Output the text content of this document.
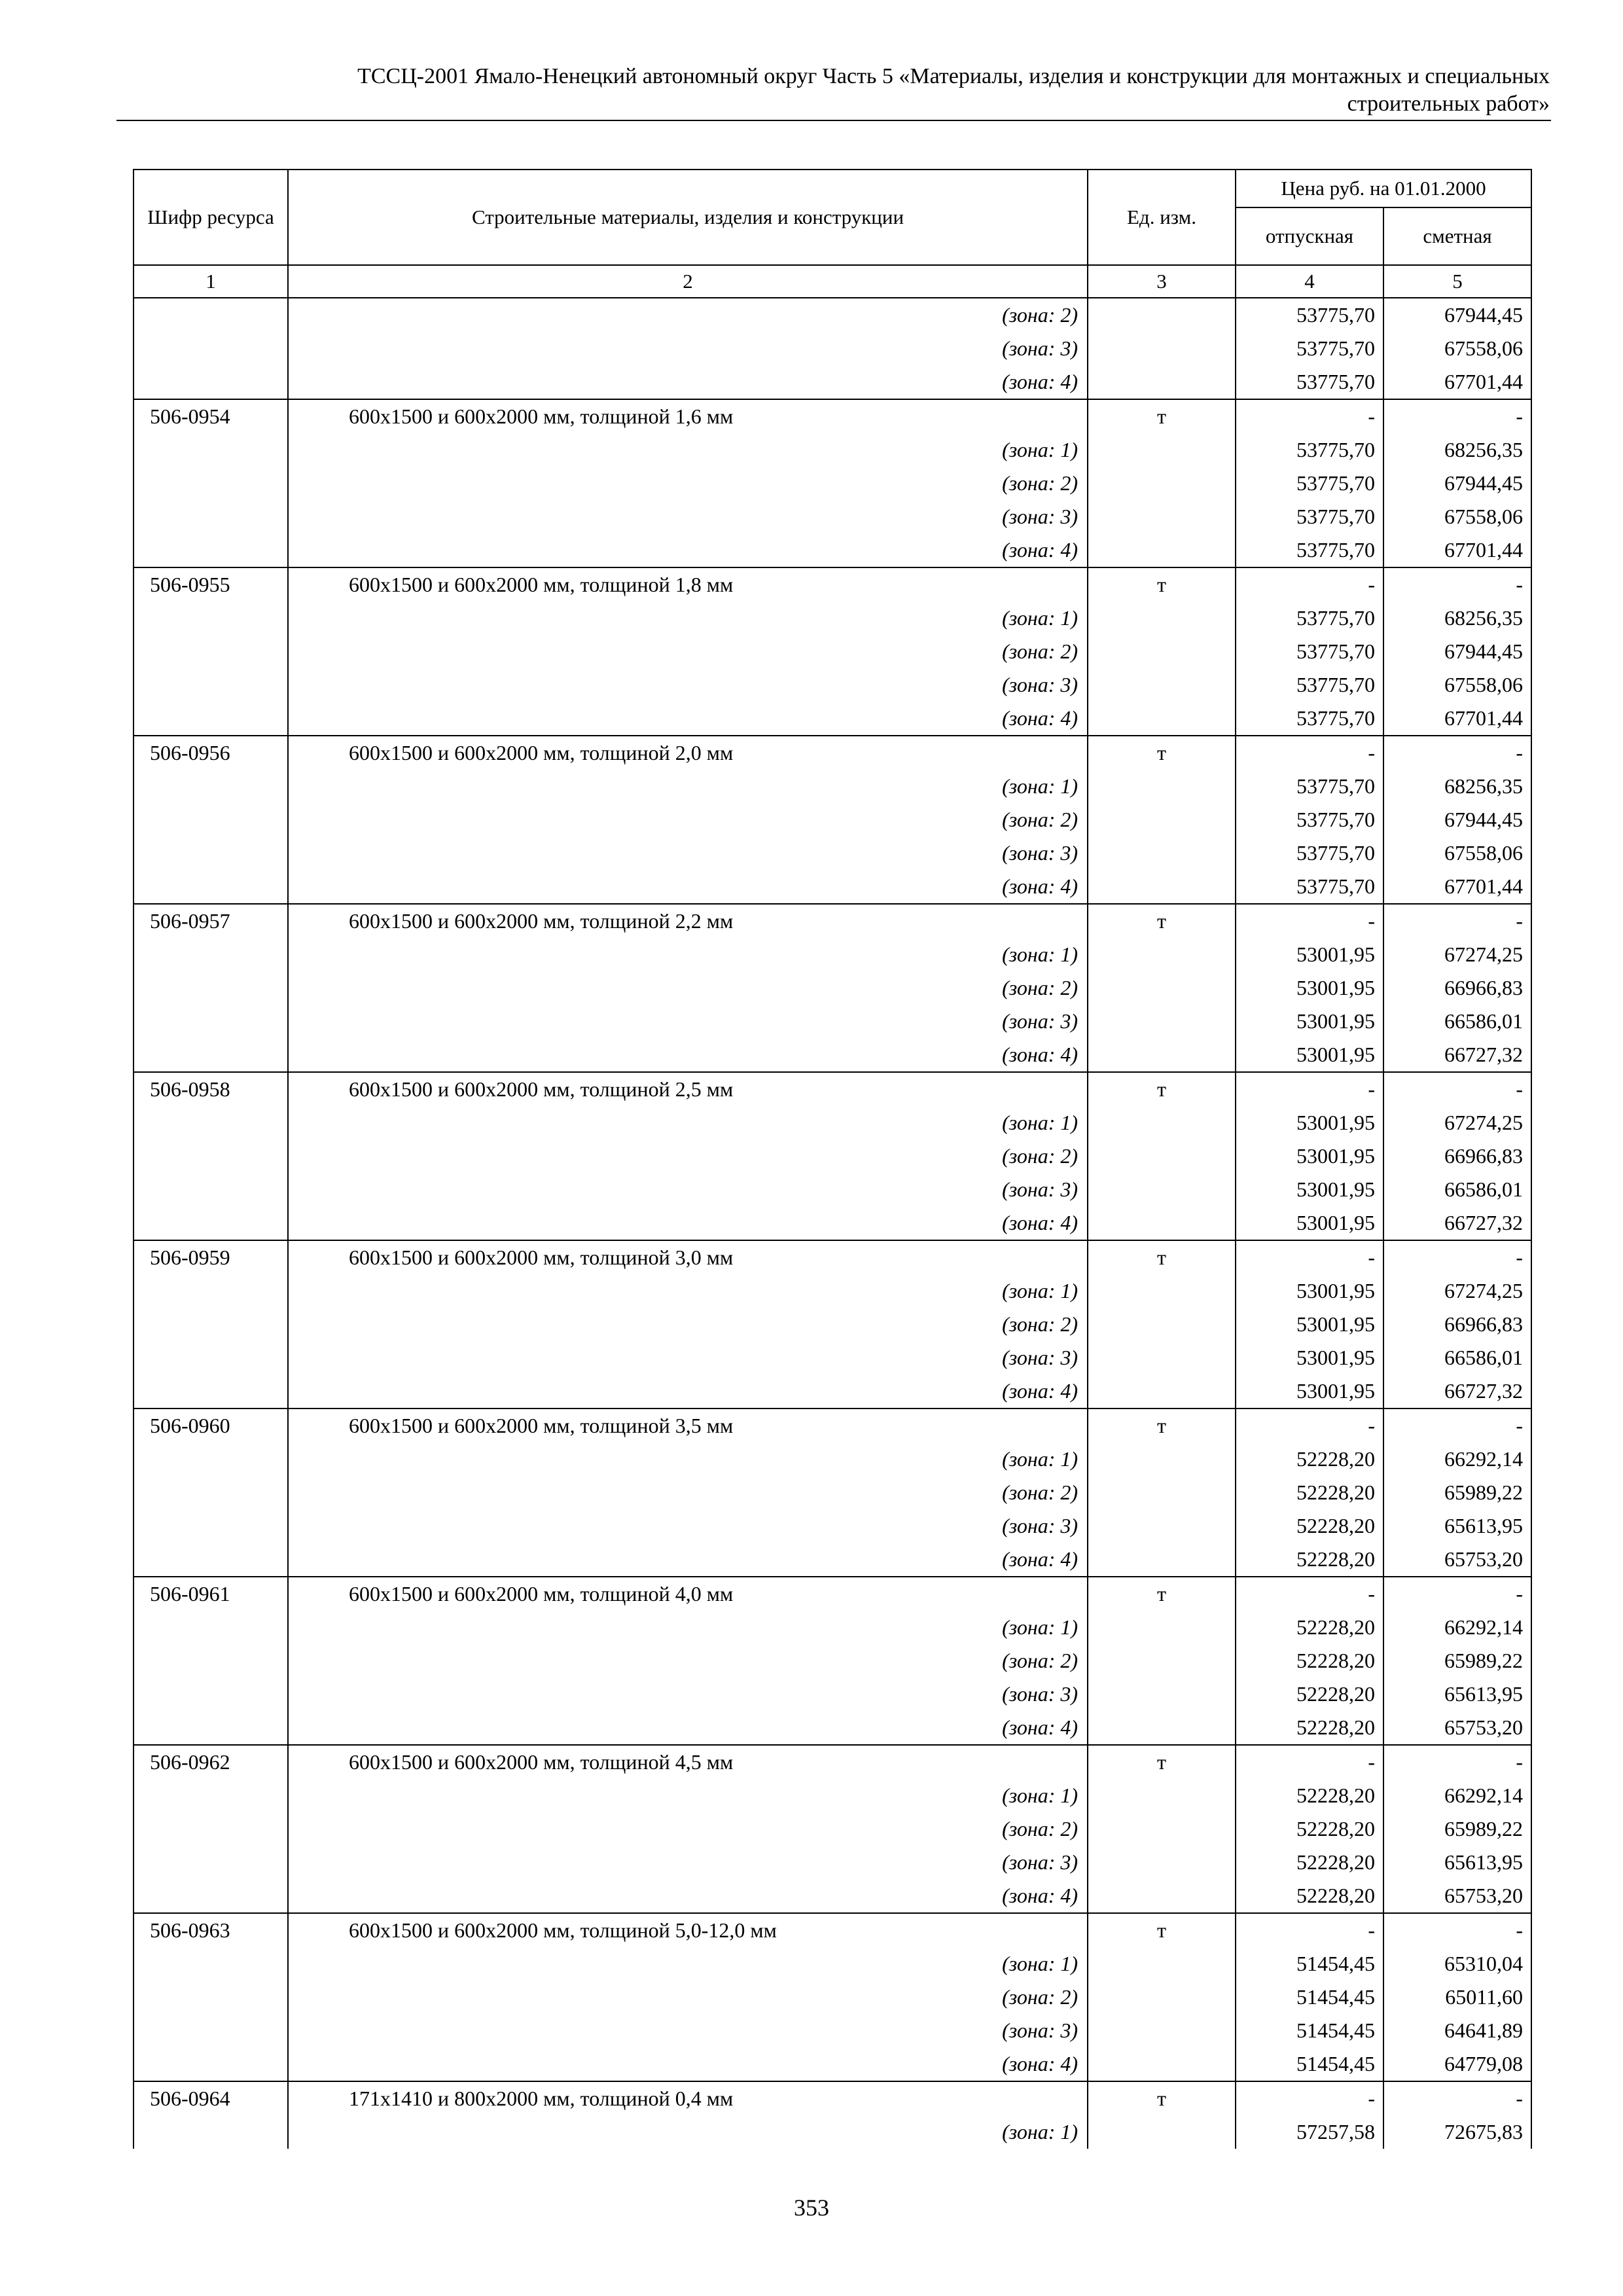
ТССЦ-2001 Ямало-Ненецкий автономный округ Часть 5 «Материалы, изделия и конструкции для монтажных и специальных
строительных работ»
Шифр ресурса	Строительные материалы, изделия и конструкции	Ед. изм.	Цена руб. на 01.01.2000	
			отпускная	сметная
1	2	3	4	5
	(зона: 2)		53775,70	67944,45
	(зона: 3)		53775,70	67558,06
	(зона: 4)		53775,70	67701,44
506-0954	600x1500 и 600x2000 мм, толщиной 1,6 мм	т	-	-
	(зона: 1)		53775,70	68256,35
	(зона: 2)		53775,70	67944,45
	(зона: 3)		53775,70	67558,06
	(зона: 4)		53775,70	67701,44
506-0955	600x1500 и 600x2000 мм, толщиной 1,8 мм	т	-	-
	(зона: 1)		53775,70	68256,35
	(зона: 2)		53775,70	67944,45
	(зона: 3)		53775,70	67558,06
	(зона: 4)		53775,70	67701,44
506-0956	600x1500 и 600x2000 мм, толщиной 2,0 мм	т	-	-
	(зона: 1)		53775,70	68256,35
	(зона: 2)		53775,70	67944,45
	(зона: 3)		53775,70	67558,06
	(зона: 4)		53775,70	67701,44
506-0957	600x1500 и 600x2000 мм, толщиной 2,2 мм	т	-	-
	(зона: 1)		53001,95	67274,25
	(зона: 2)		53001,95	66966,83
	(зона: 3)		53001,95	66586,01
	(зона: 4)		53001,95	66727,32
506-0958	600x1500 и 600x2000 мм, толщиной 2,5 мм	т	-	-
	(зона: 1)		53001,95	67274,25
	(зона: 2)		53001,95	66966,83
	(зона: 3)		53001,95	66586,01
	(зона: 4)		53001,95	66727,32
506-0959	600x1500 и 600x2000 мм, толщиной 3,0 мм	т	-	-
	(зона: 1)		53001,95	67274,25
	(зона: 2)		53001,95	66966,83
	(зона: 3)		53001,95	66586,01
	(зона: 4)		53001,95	66727,32
506-0960	600x1500 и 600x2000 мм, толщиной 3,5 мм	т	-	-
	(зона: 1)		52228,20	66292,14
	(зона: 2)		52228,20	65989,22
	(зона: 3)		52228,20	65613,95
	(зона: 4)		52228,20	65753,20
506-0961	600x1500 и 600x2000 мм, толщиной 4,0 мм	т	-	-
	(зона: 1)		52228,20	66292,14
	(зона: 2)		52228,20	65989,22
	(зона: 3)		52228,20	65613,95
	(зона: 4)		52228,20	65753,20
506-0962	600x1500 и 600x2000 мм, толщиной 4,5 мм	т	-	-
	(зона: 1)		52228,20	66292,14
	(зона: 2)		52228,20	65989,22
	(зона: 3)		52228,20	65613,95
	(зона: 4)		52228,20	65753,20
506-0963	600x1500 и 600x2000 мм, толщиной 5,0-12,0 мм	т	-	-
	(зона: 1)		51454,45	65310,04
	(зона: 2)		51454,45	65011,60
	(зона: 3)		51454,45	64641,89
	(зона: 4)		51454,45	64779,08
506-0964	171x1410 и 800x2000 мм, толщиной 0,4 мм	т	-	-
	(зона: 1)		57257,58	72675,83
353
